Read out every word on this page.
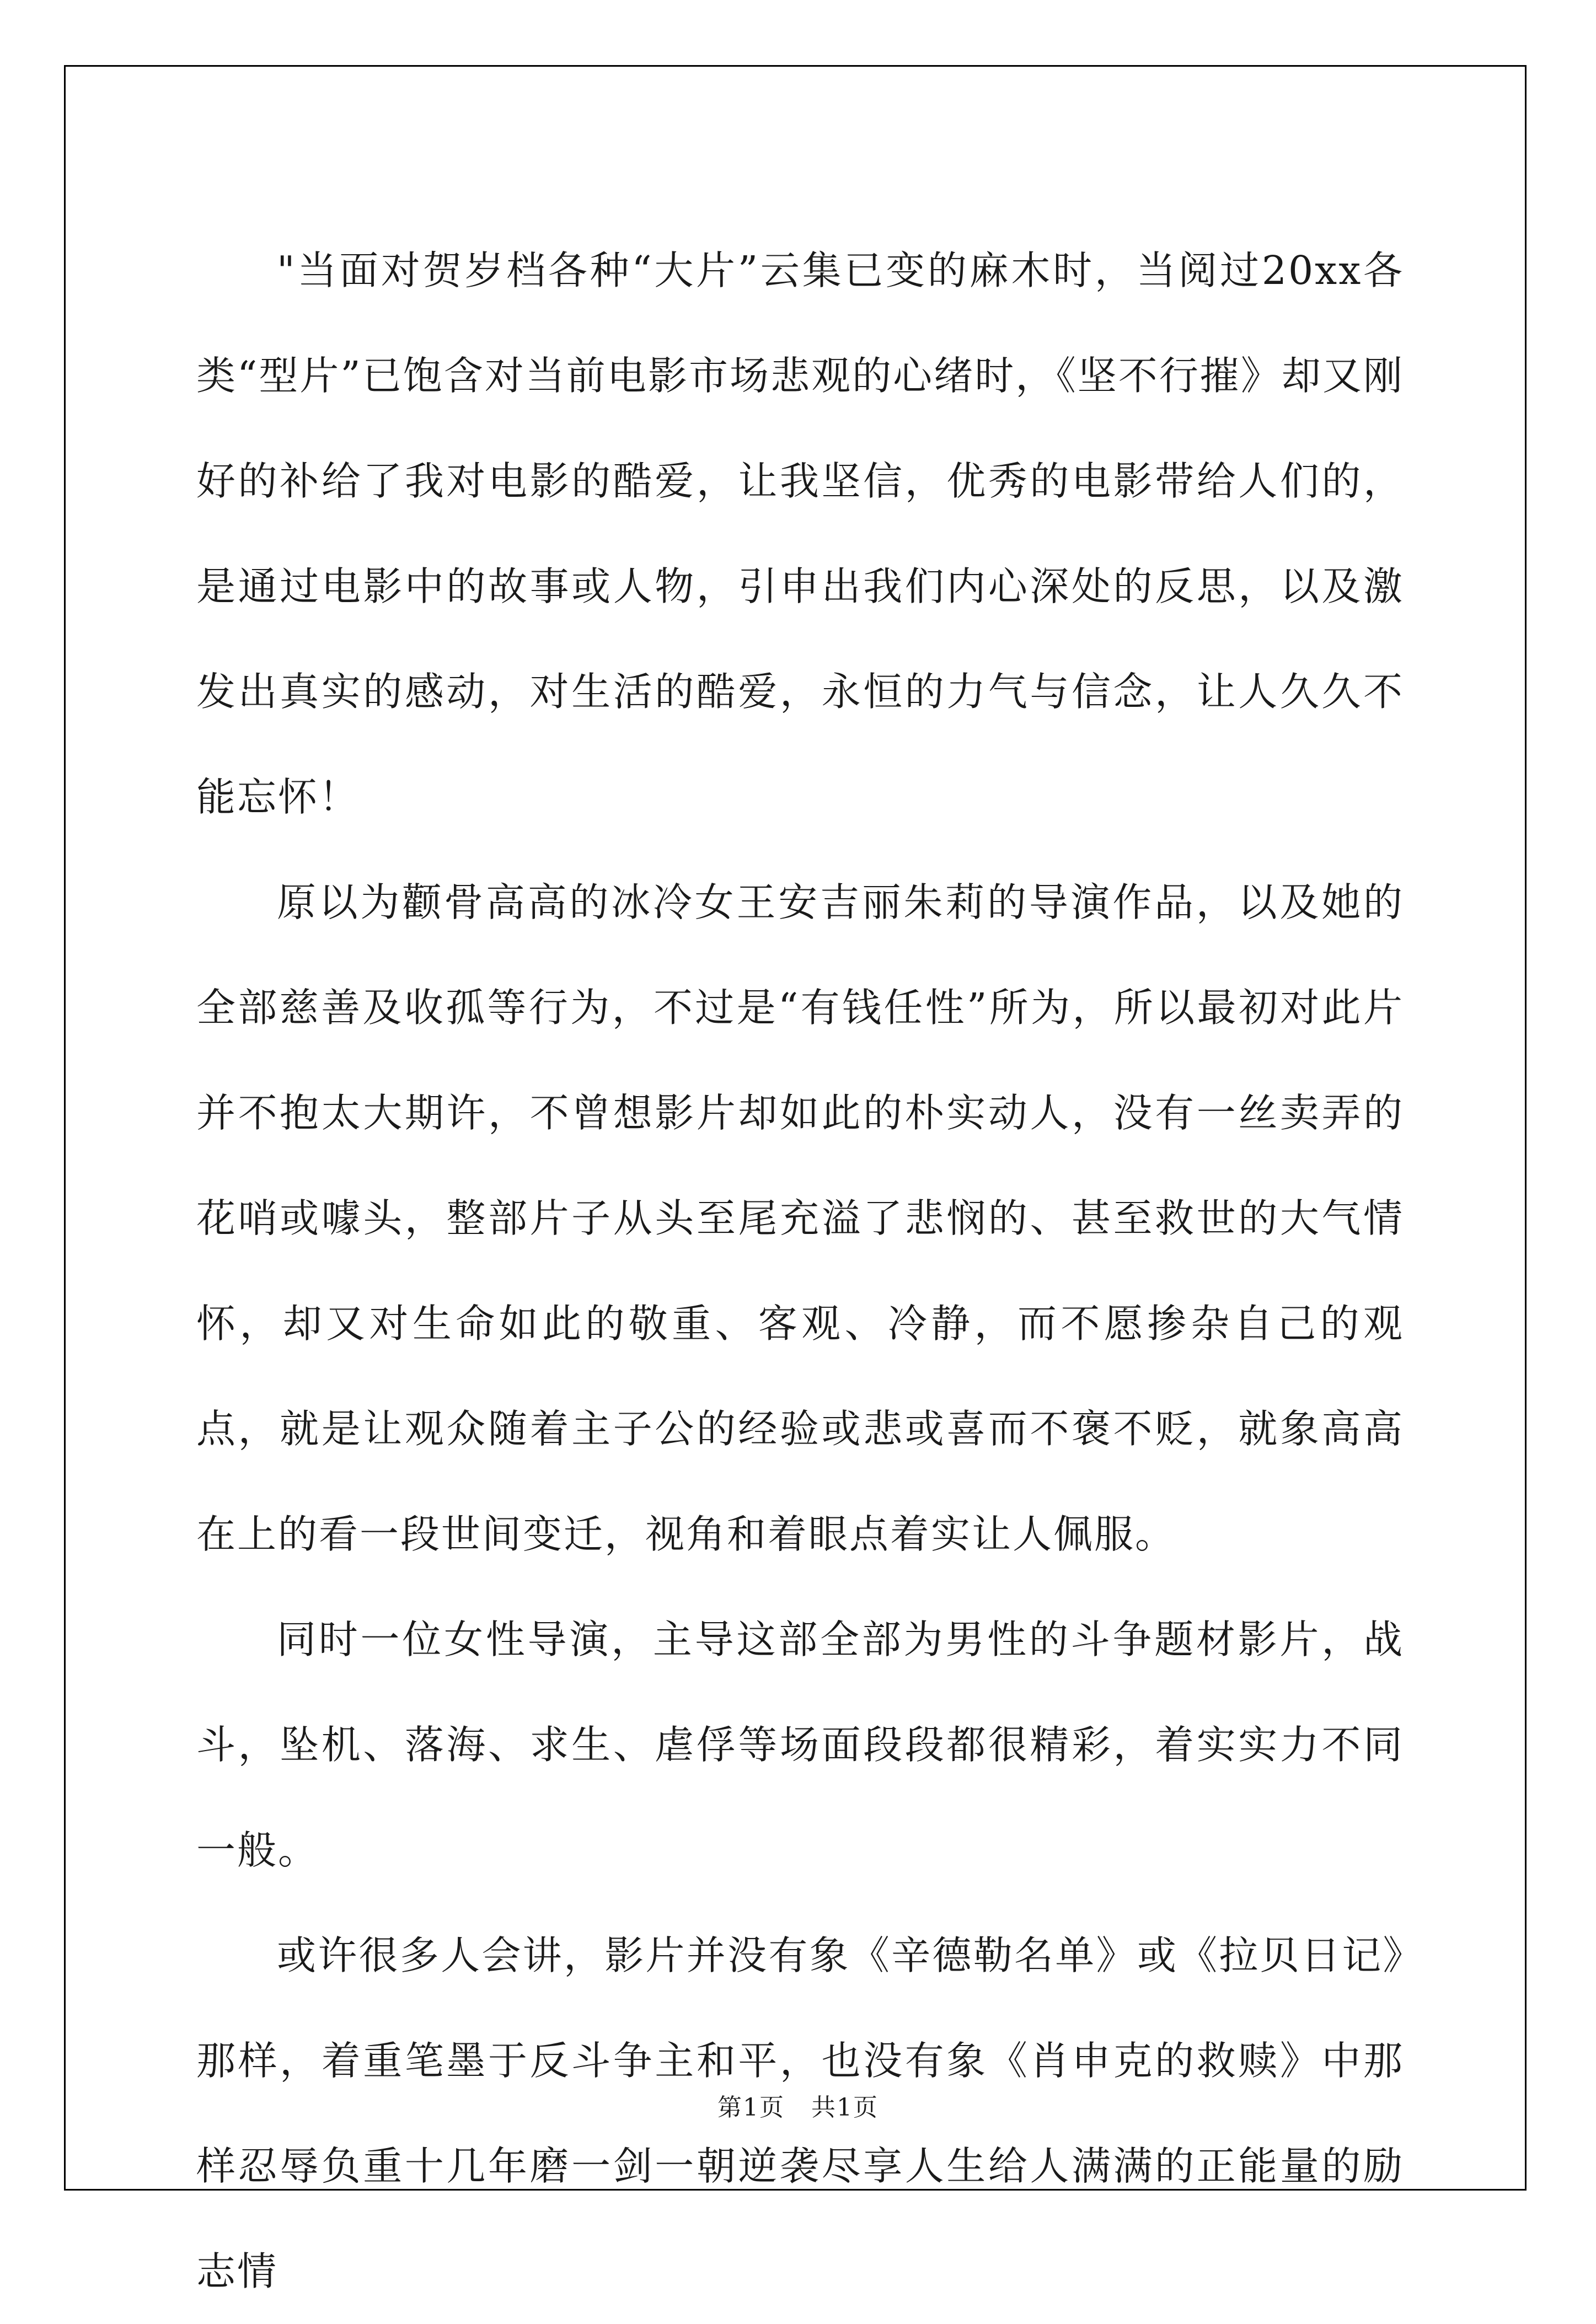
"当面对贺岁档各种“大片”云集已变的麻木时，当阅过20xx各类“型片”已饱含对当前电影市场悲观的心绪时，《坚不行摧》却又刚好的补给了我对电影的酷爱，让我坚信，优秀的电影带给人们的，是通过电影中的故事或人物，引申出我们内心深处的反思，以及激发出真实的感动，对生活的酷爱，永恒的力气与信念，让人久久不能忘怀！

原以为颧骨高高的冰冷女王安吉丽朱莉的导演作品，以及她的全部慈善及收孤等行为，不过是“有钱任性”所为，所以最初对此片并不抱太大期许，不曾想影片却如此的朴实动人，没有一丝卖弄的花哨或噱头，整部片子从头至尾充溢了悲悯的、甚至救世的大气情怀，却又对生命如此的敬重、客观、冷静，而不愿掺杂自己的观点，就是让观众随着主子公的经验或悲或喜而不褒不贬，就象高高在上的看一段世间变迁，视角和着眼点着实让人佩服。

同时一位女性导演，主导这部全部为男性的斗争题材影片，战斗，坠机、落海、求生、虐俘等场面段段都很精彩，着实实力不同一般。

或许很多人会讲，影片并没有象《辛德勒名单》或《拉贝日记》那样，着重笔墨于反斗争主和平，也没有象《肖申克的救赎》中那样忍辱负重十几年磨一剑一朝逆袭尽享人生给人满满的正能量的励志情

第1页 共1页
